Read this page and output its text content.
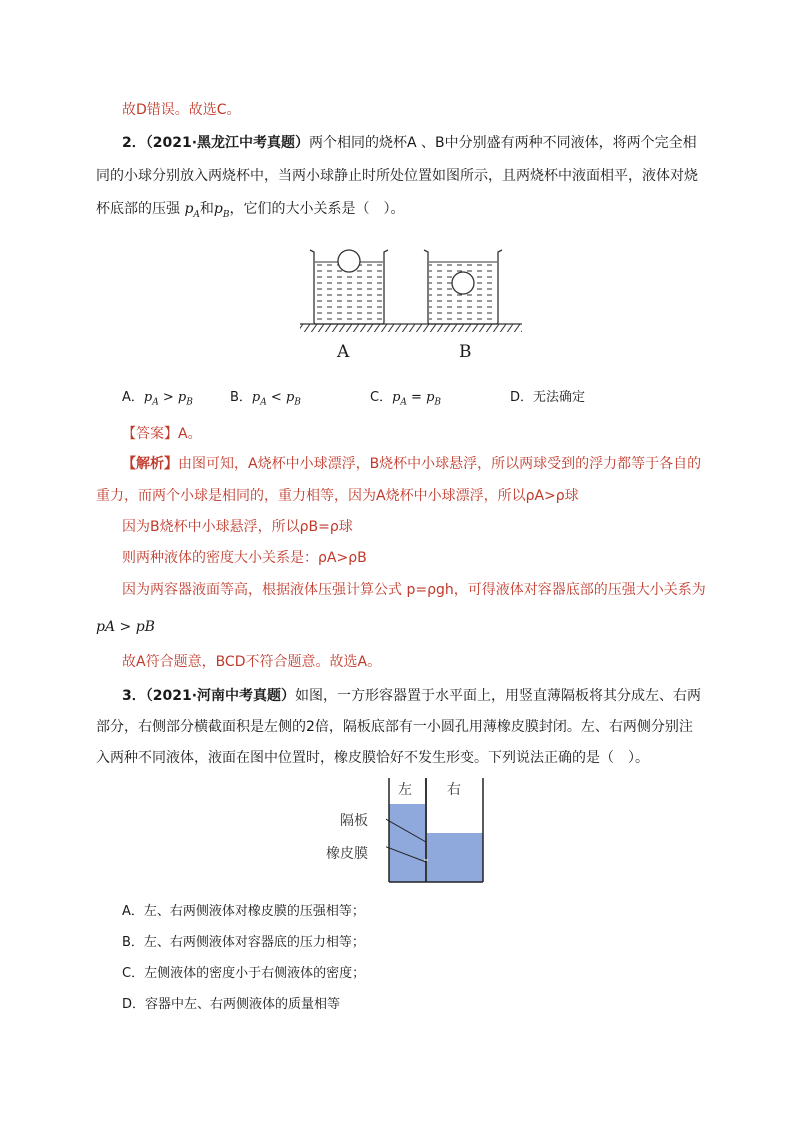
故D错误。故选C。
2．（2021·黑龙江中考真题）两个相同的烧杯A 、B中分别盛有两种不同液体，将两个完全相
同的小球分别放入两烧杯中，当两小球静止时所处位置如图所示，且两烧杯中液面相平，液体对烧
杯底部的压强 $p_A$和$p_B$，它们的大小关系是（　）。
A	B
A．$p_A > p_B$	B．$p_A < p_B$	C．$p_A = p_B$	D．无法确定
【答案】A。
【解析】由图可知，A烧杯中小球漂浮，B烧杯中小球悬浮，所以两球受到的浮力都等于各自的
重力，而两个小球是相同的，重力相等，因为A烧杯中小球漂浮，所以ρA>ρ球
因为B烧杯中小球悬浮，所以ρB=ρ球
则两种液体的密度大小关系是：ρA>ρB
因为两容器液面等高，根据液体压强计算公式 p=ρgh，可得液体对容器底部的压强大小关系为
pA > pB
故A符合题意，BCD不符合题意。故选A。
3．（2021·河南中考真题）如图，一方形容器置于水平面上，用竖直薄隔板将其分成左、右两
部分，右侧部分横截面积是左侧的2倍，隔板底部有一小圆孔用薄橡皮膜封闭。左、右两侧分别注
入两种不同液体，液面在图中位置时，橡皮膜恰好不发生形变。下列说法正确的是（　）。
左	右
隔板
橡皮膜
A．左、右两侧液体对橡皮膜的压强相等；
B．左、右两侧液体对容器底的压力相等；
C．左侧液体的密度小于右侧液体的密度；
D．容器中左、右两侧液体的质量相等
